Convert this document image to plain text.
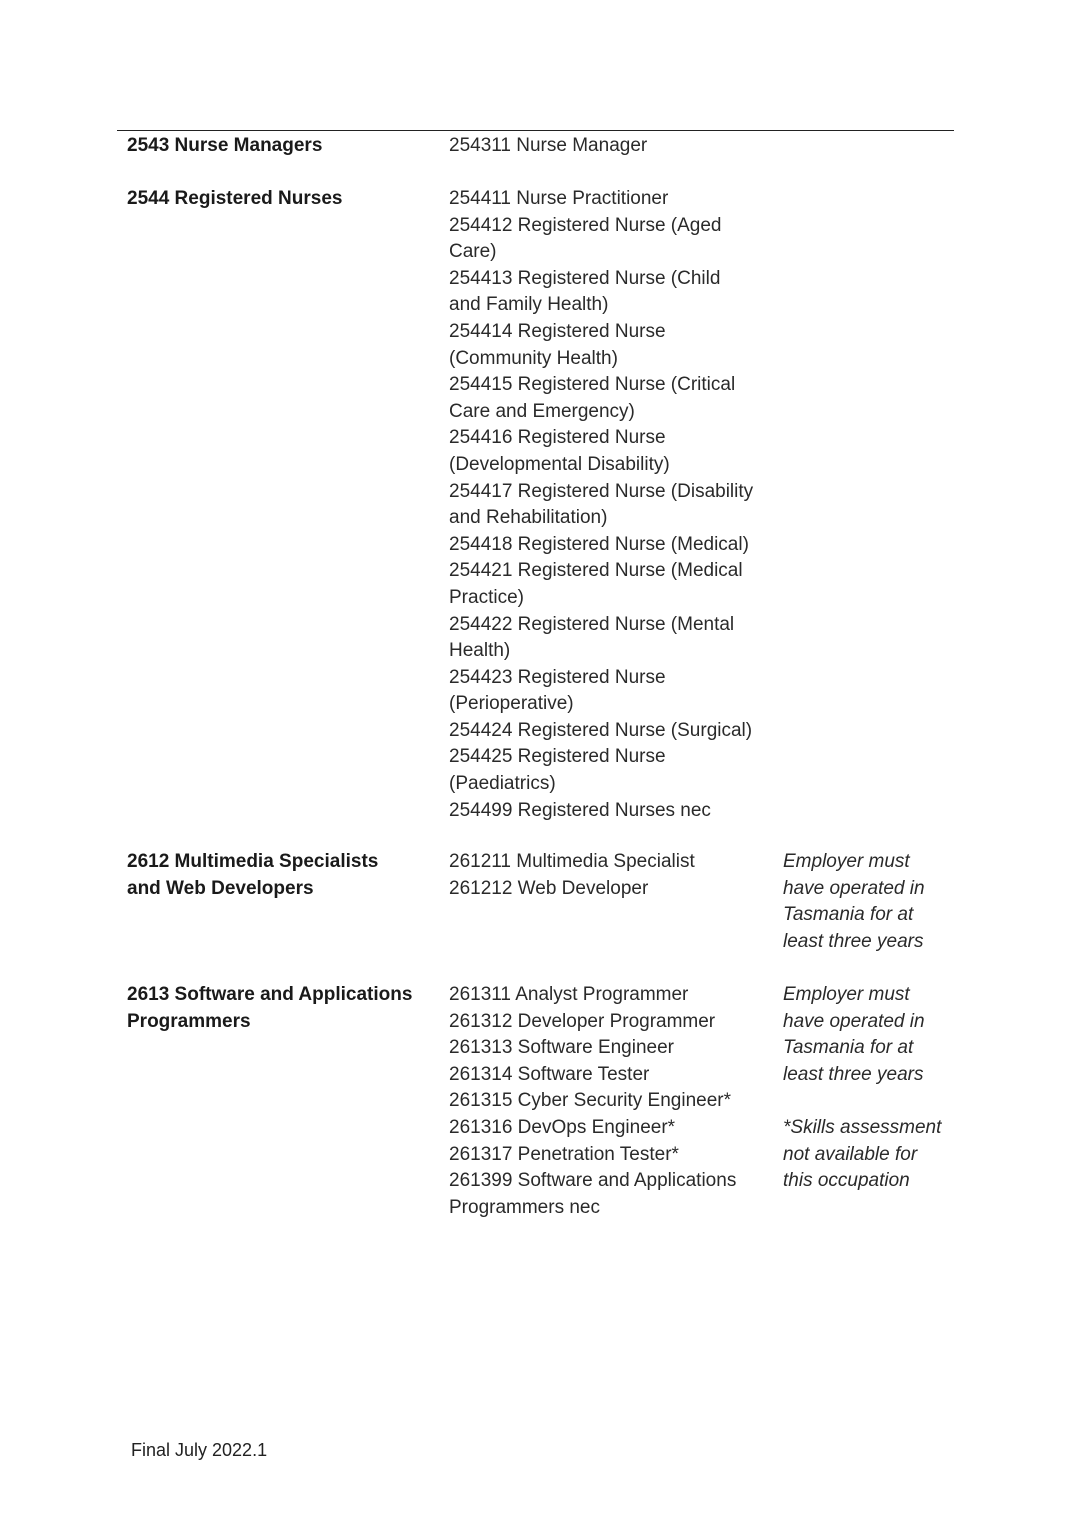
2543 Nurse Managers	254311 Nurse Manager
2544 Registered Nurses	254411 Nurse Practitioner
254412 Registered Nurse (Aged
Care)
254413 Registered Nurse (Child
and Family Health)
254414 Registered Nurse
(Community Health)
254415 Registered Nurse (Critical
Care and Emergency)
254416 Registered Nurse
(Developmental Disability)
254417 Registered Nurse (Disability
and Rehabilitation)
254418 Registered Nurse (Medical)
254421 Registered Nurse (Medical
Practice)
254422 Registered Nurse (Mental
Health)
254423 Registered Nurse
(Perioperative)
254424 Registered Nurse (Surgical)
254425 Registered Nurse
(Paediatrics)
254499 Registered Nurses nec
2612 Multimedia Specialists
and Web Developers
261211 Multimedia Specialist
261212 Web Developer
Employer must
have operated in
Tasmania for at
least three years
2613 Software and Applications
Programmers
261311 Analyst Programmer
261312 Developer Programmer
261313 Software Engineer
261314 Software Tester
261315 Cyber Security Engineer*
261316 DevOps Engineer*
261317 Penetration Tester*
261399 Software and Applications
Programmers nec
Employer must
have operated in
Tasmania for at
least three years
*Skills assessment
not available for
this occupation
Final July 2022.1
